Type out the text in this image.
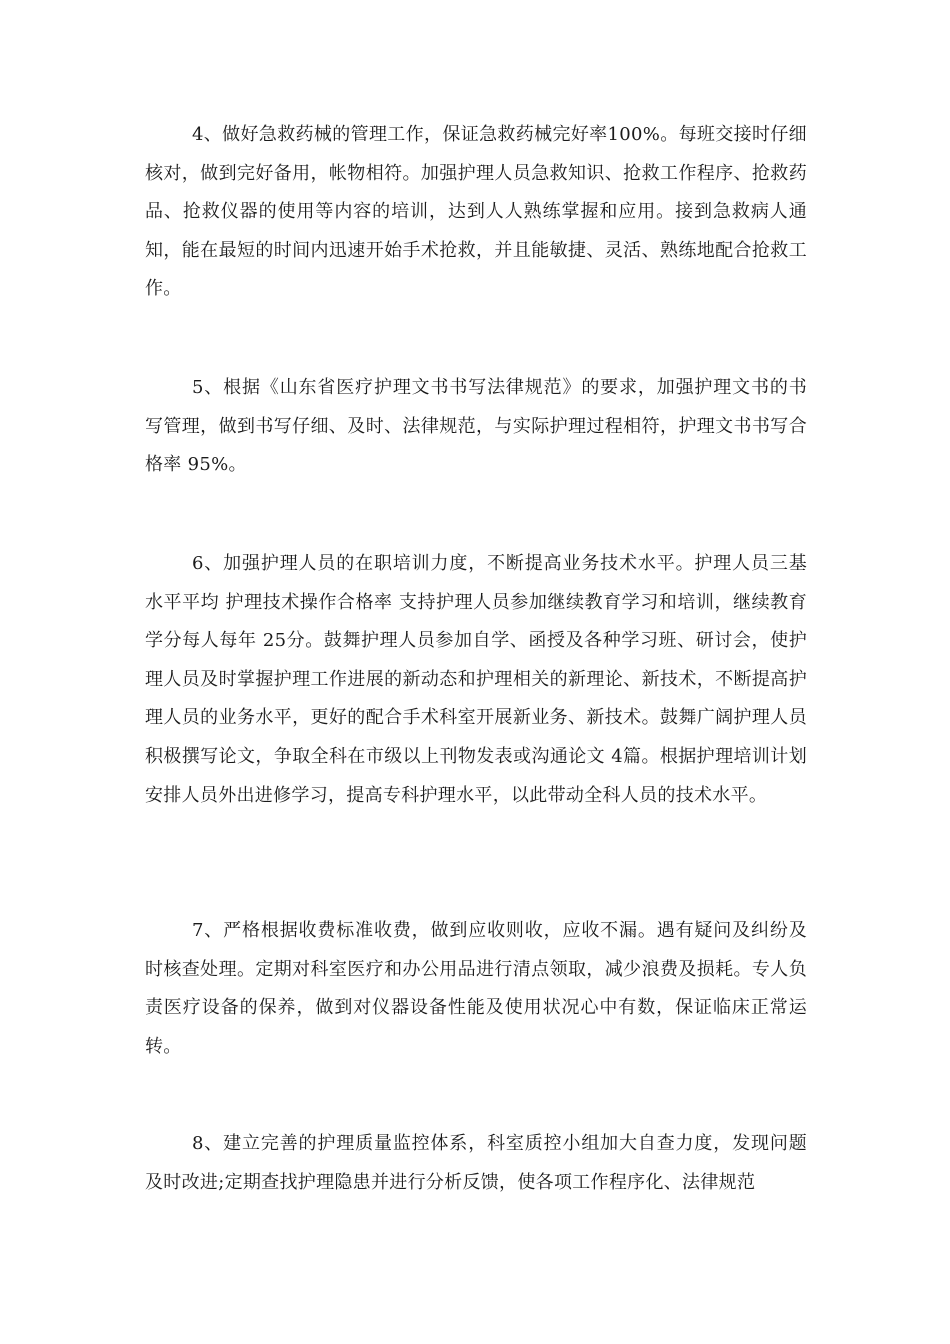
4、做好急救药械的管理工作，保证急救药械完好率100%。每班交接时仔细核对，做到完好备用，帐物相符。加强护理人员急救知识、抢救工作程序、抢救药品、抢救仪器的使用等内容的培训，达到人人熟练掌握和应用。接到急救病人通知，能在最短的时间内迅速开始手术抢救，并且能敏捷、灵活、熟练地配合抢救工作。

5、根据《山东省医疗护理文书书写法律规范》的要求，加强护理文书的书写管理，做到书写仔细、及时、法律规范，与实际护理过程相符，护理文书书写合格率 95%。

6、加强护理人员的在职培训力度，不断提高业务技术水平。护理人员三基水平平均 护理技术操作合格率 支持护理人员参加继续教育学习和培训，继续教育学分每人每年 25分。鼓舞护理人员参加自学、函授及各种学习班、研讨会，使护理人员及时掌握护理工作进展的新动态和护理相关的新理论、新技术，不断提高护理人员的业务水平，更好的配合手术科室开展新业务、新技术。鼓舞广阔护理人员积极撰写论文，争取全科在市级以上刊物发表或沟通论文 4篇。根据护理培训计划安排人员外出进修学习，提高专科护理水平，以此带动全科人员的技术水平。

7、严格根据收费标准收费，做到应收则收，应收不漏。遇有疑问及纠纷及时核查处理。定期对科室医疗和办公用品进行清点领取，减少浪费及损耗。专人负责医疗设备的保养，做到对仪器设备性能及使用状况心中有数，保证临床正常运转。

8、建立完善的护理质量监控体系，科室质控小组加大自查力度，发现问题及时改进;定期查找护理隐患并进行分析反馈，使各项工作程序化、法律规范
